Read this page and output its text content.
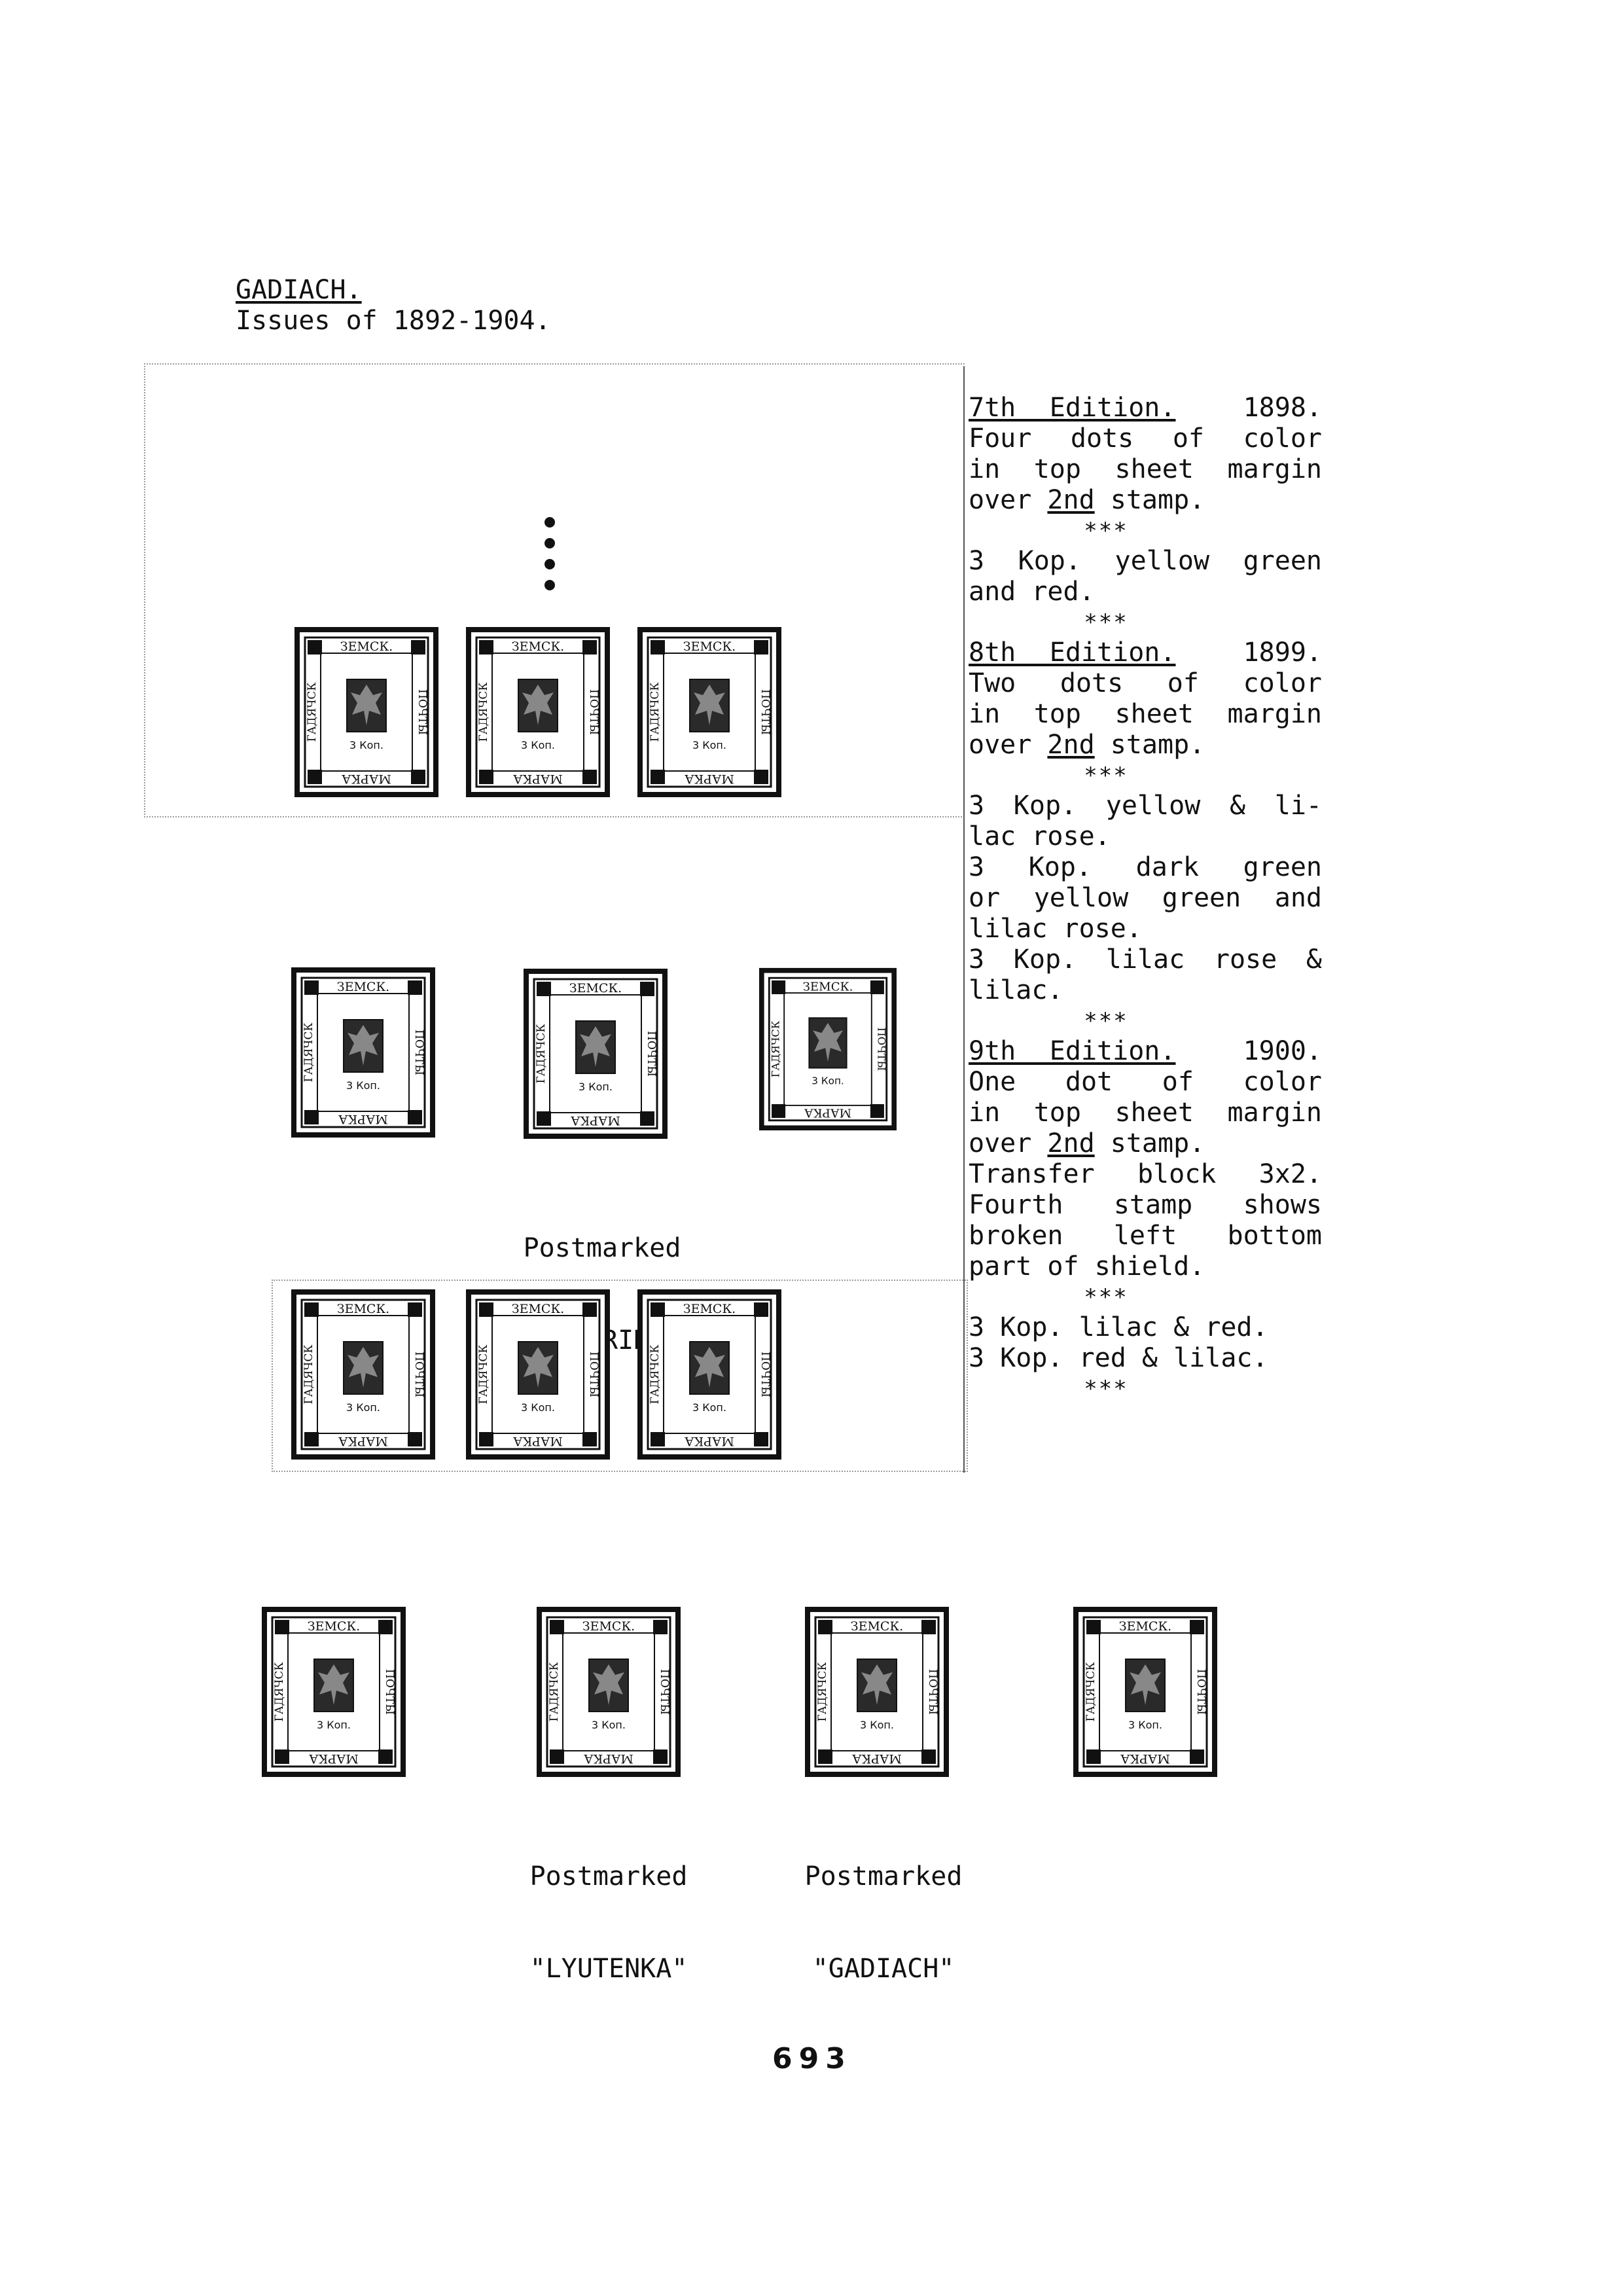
GADIACH.
Issues of 1892-1904.
ЗЕМСК.
МАРКА
ГАДЯЧСК	ПОЧТЫ
3 Коп.
ЗЕМСК.
МАРКА
ГАДЯЧСК	ПОЧТЫ
3 Коп.
ЗЕМСК.
МАРКА
ГАДЯЧСК	ПОЧТЫ
3 Коп.
ЗЕМСК.
МАРКА
ГАДЯЧСК	ПОЧТЫ
3 Коп.
ЗЕМСК.
МАРКА
ГАДЯЧСК	ПОЧТЫ
3 Коп.
ЗЕМСК.
МАРКА
ГАДЯЧСК	ПОЧТЫ
3 Коп.

Postmarked

ЗЕМСК.
МАРКА
ГАДЯЧСК	ПОЧТЫ
3 Коп.
ЗЕМСК.
МАРКА
ГАДЯЧСК	ПОЧТЫ
3 Коп.
ЗЕМСК.
МАРКА
ГАДЯЧСК	ПОЧТЫ
3 Коп.
ЗЕМСК.
МАРКА
ГАДЯЧСК	ПОЧТЫ
3 Коп.
ЗЕМСК.
МАРКА
ГАДЯЧСК	ПОЧТЫ
3 Коп.
ЗЕМСК.
МАРКА
ГАДЯЧСК	ПОЧТЫ
3 Коп.
ЗЕМСК.
МАРКА
ГАДЯЧСК	ПОЧТЫ
3 Коп.

Postmarked

"LYUTENKA"

Postmarked

"GADIACH"

7th Edition.	1898.
Four dots of color
in top sheet margin
over 2nd stamp.
***
3 Kop. yellow green
and red.
***
8th Edition.	1899.
Two dots of color
in top sheet margin
over 2nd stamp.
***
3 Kop. yellow & li-
lac rose.
3 Kop. dark green
or yellow green and
lilac rose.
3 Kop. lilac rose &
lilac.
***
9th Edition.	1900.
One dot of color
in top sheet margin
over 2nd stamp.
Transfer block 3x2.
Fourth stamp shows
broken left bottom
part of shield.
***
3 Kop. lilac & red.
3 Kop. red & lilac.
***
693
